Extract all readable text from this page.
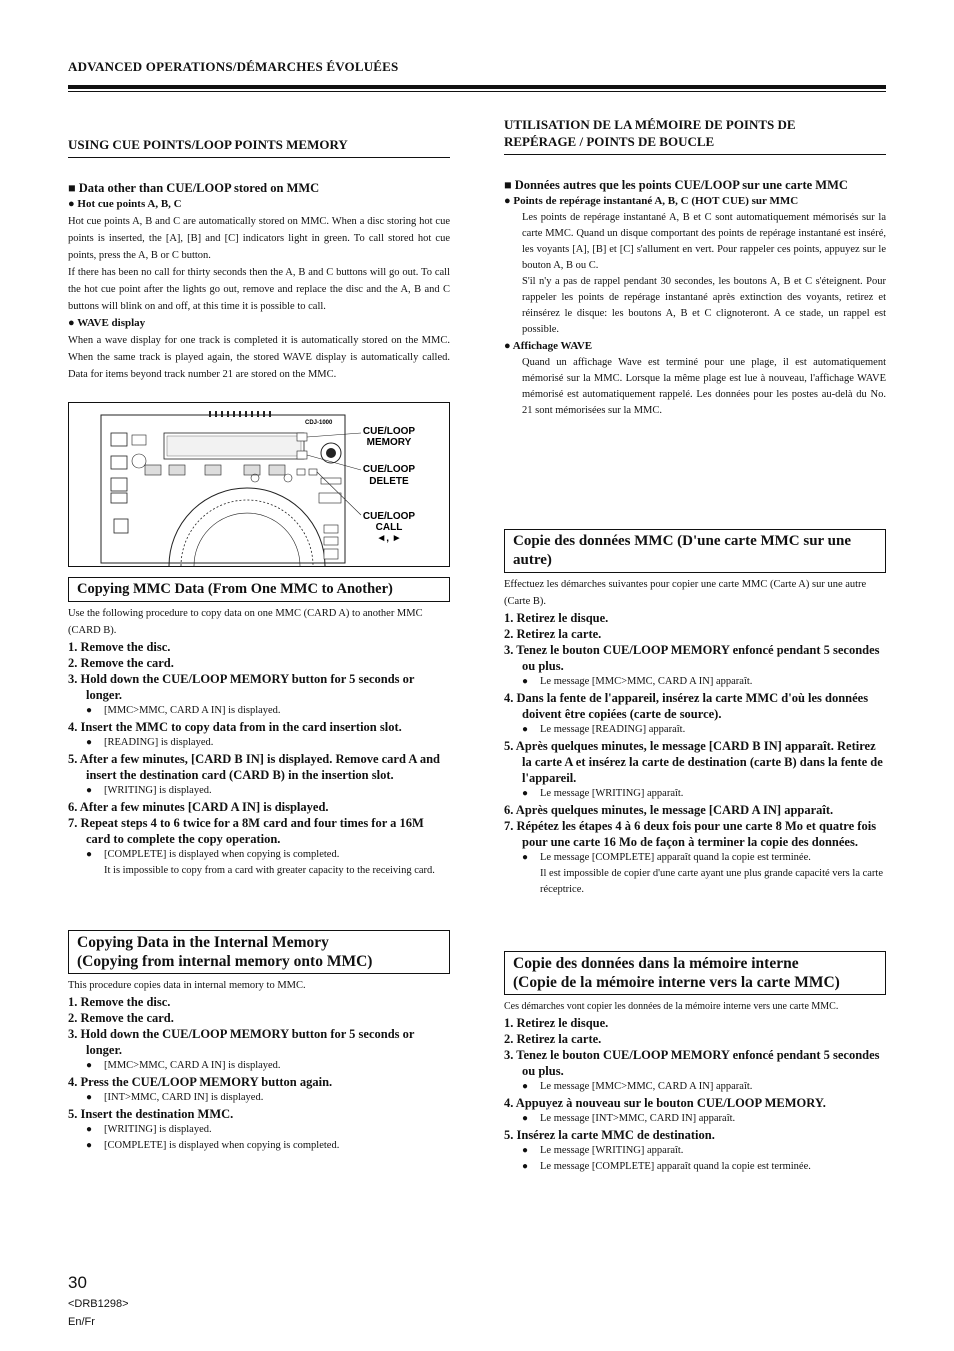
ADVANCED OPERATIONS/DÉMARCHES ÉVOLUÉES
USING CUE POINTS/LOOP POINTS MEMORY
■ Data other than CUE/LOOP stored on MMC
● Hot cue points A, B, C
Hot cue points A, B and C are automatically stored on MMC. When a disc storing hot cue points is inserted, the [A], [B] and [C] indicators light in green. To call stored hot cue points, press the A, B or C button.
If there has been no call for thirty seconds then the A, B and C buttons will go out. To call the hot cue point after the lights go out, remove and replace the disc and the A, B and C buttons will blink on and off, at this time it is possible to call.
● WAVE display
When a wave display for one track is completed it is automatically stored on the MMC. When the same track is played again, the stored WAVE display is automatically called. Data for items beyond track number 21 are stored on the MMC.
CDJ-1000
CUE/LOOP
MEMORY
CUE/LOOP
DELETE
CUE/LOOP
CALL
◄, ►
Copying MMC Data (From One MMC to Another)
Use the following procedure to copy data on one MMC (CARD A) to another MMC (CARD B).
1. Remove the disc.
2. Remove the card.
3. Hold down the CUE/LOOP MEMORY button for 5 seconds or longer.
● [MMC>MMC, CARD A IN] is displayed.
4. Insert the MMC to copy data from in the card insertion slot.
● [READING] is displayed.
5. After a few minutes, [CARD B IN] is displayed. Remove card A and insert the destination card (CARD B) in the insertion slot.
● [WRITING] is displayed.
6. After a few minutes [CARD A IN] is displayed.
7. Repeat steps 4 to 6 twice for a 8M card and four times for a 16M card to complete the copy operation.
● [COMPLETE] is displayed when copying is completed.
It is impossible to copy from a card with greater capacity to the receiving card.
Copying Data in the Internal Memory
(Copying from internal memory onto MMC)
This procedure copies data in internal memory to MMC.
1. Remove the disc.
2. Remove the card.
3. Hold down the CUE/LOOP MEMORY button for 5 seconds or longer.
● [MMC>MMC, CARD A IN] is displayed.
4. Press the CUE/LOOP MEMORY button again.
● [INT>MMC, CARD IN] is displayed.
5. Insert the destination MMC.
● [WRITING] is displayed.
● [COMPLETE] is displayed when copying is completed.
UTILISATION DE LA MÉMOIRE DE POINTS DE
REPÉRAGE / POINTS DE BOUCLE
■ Données autres que les points CUE/LOOP sur une carte MMC
● Points de repérage instantané A, B, C (HOT CUE) sur MMC
Les points de repérage instantané A, B et C sont automatiquement mémorisés sur la carte MMC. Quand un disque comportant des points de repérage instantané est inséré, les voyants [A], [B] et [C] s'allument en vert. Pour rappeler ces points, appuyez sur le bouton A, B ou C.
S'il n'y a pas de rappel pendant 30 secondes, les boutons A, B et C s'éteignent. Pour rappeler les points de repérage instantané après extinction des voyants, retirez et réinsérez le disque: les boutons A, B et C clignoteront. A ce stade, un rappel est possible.
● Affichage WAVE
Quand un affichage Wave est terminé pour une plage, il est automatiquement mémorisé sur la MMC. Lorsque la même plage est lue à nouveau, l'affichage WAVE mémorisé est automatiquement rappelé. Les données pour les postes au-delà du No. 21 sont mémorisées sur la MMC.
Copie des données MMC (D'une carte MMC sur une autre)
Effectuez les démarches suivantes pour copier une carte MMC (Carte A) sur une autre (Carte B).
1. Retirez le disque.
2. Retirez la carte.
3. Tenez le bouton CUE/LOOP MEMORY enfoncé pendant 5 secondes ou plus.
● Le message [MMC>MMC, CARD A IN] apparaît.
4. Dans la fente de l'appareil, insérez la carte MMC d'où les données doivent être copiées (carte de source).
● Le message [READING] apparaît.
5. Après quelques minutes, le message [CARD B IN] apparaît. Retirez la carte A et insérez la carte de destination (carte B) dans la fente de l'appareil.
● Le message [WRITING] apparaît.
6. Après quelques minutes, le message [CARD A IN] apparaît.
7. Répétez les étapes 4 à 6 deux fois pour une carte 8 Mo et quatre fois pour une carte 16 Mo de façon à terminer la copie des données.
● Le message [COMPLETE] apparaît quand la copie est terminée.
Il est impossible de copier d'une carte ayant une plus grande capacité vers la carte réceptrice.
Copie des données dans la mémoire interne
(Copie de la mémoire interne vers la carte MMC)
Ces démarches vont copier les données de la mémoire interne vers une carte MMC.
1. Retirez le disque.
2. Retirez la carte.
3. Tenez le bouton CUE/LOOP MEMORY enfoncé pendant 5 secondes ou plus.
● Le message [MMC>MMC, CARD A IN] apparaît.
4. Appuyez à nouveau sur le bouton CUE/LOOP MEMORY.
● Le message [INT>MMC, CARD IN] apparaît.
5. Insérez la carte MMC de destination.
● Le message [WRITING] apparaît.
● Le message [COMPLETE] apparaît quand la copie est terminée.
30
<DRB1298>
En/Fr
